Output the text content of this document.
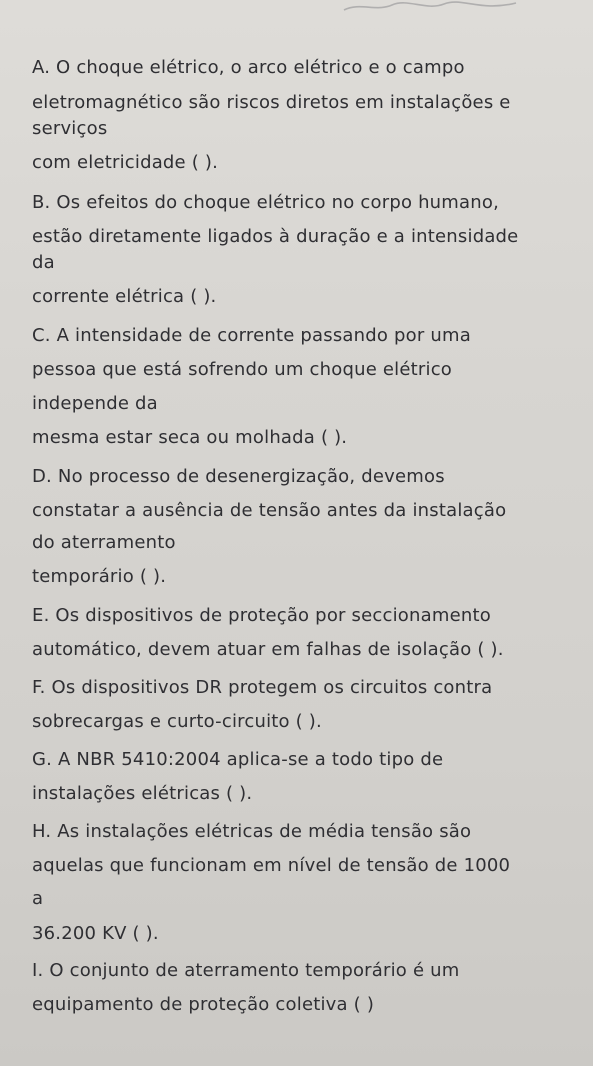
A. O choque elétrico, o arco elétrico e o campo
eletromagnético são riscos diretos em instalações e
serviços
com eletricidade ( ).
B. Os efeitos do choque elétrico no corpo humano,
estão diretamente ligados à duração e a intensidade
da
corrente elétrica ( ).
C. A intensidade de corrente passando por uma
pessoa que está sofrendo um choque elétrico
independe da
mesma estar seca ou molhada ( ).
D. No processo de desenergização, devemos
constatar a ausência de tensão antes da instalação
do aterramento
temporário ( ).
E. Os dispositivos de proteção por seccionamento
automático, devem atuar em falhas de isolação ( ).
F. Os dispositivos DR protegem os circuitos contra
sobrecargas e curto-circuito ( ).
G. A NBR 5410:2004 aplica-se a todo tipo de
instalações elétricas ( ).
H. As instalações elétricas de média tensão são
aquelas que funcionam em nível de tensão de 1000
a
36.200 KV ( ).
I. O conjunto de aterramento temporário é um
equipamento de proteção coletiva ( )
